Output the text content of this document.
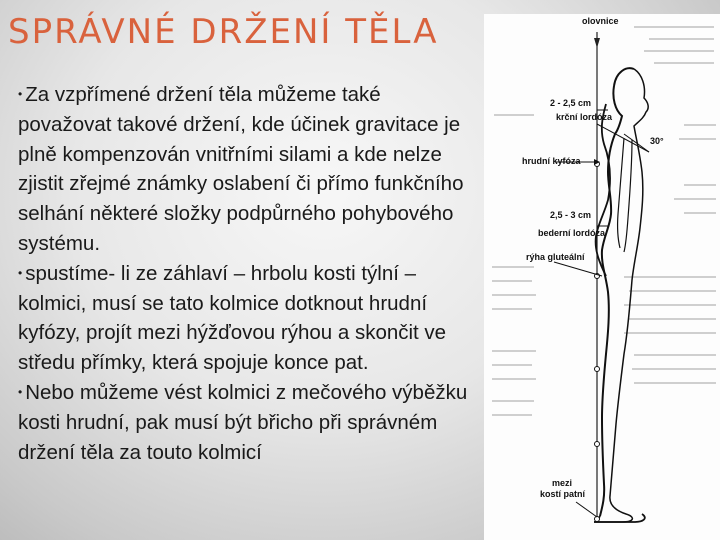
SPRÁVNÉ DRŽENÍ TĚLA

• Za vzpřímené držení těla můžeme také považovat takové držení, kde účinek gravitace je plně kompenzován vnitřními silami a kde nelze zjistit zřejmé známky oslabení či přímo funkčního selhání některé složky podpůrného pohybového systému.

• spustíme- li ze záhlaví – hrbolu kosti týlní –kolmici, musí se tato kolmice dotknout hrudní kyfózy, projít mezi hýžďovou rýhou a skončit ve středu přímky, která spojuje konce pat.

• Nebo můžeme vést kolmici z mečového výběžku kosti hrudní, pak musí být břicho při správném držení těla za touto kolmicí

olovnice
2 - 2,5 cm
krční lordóza
30°
hrudní kyfóza
2,5 - 3 cm
bederní lordóza
rýha gluteální
mezi
kostí patní
